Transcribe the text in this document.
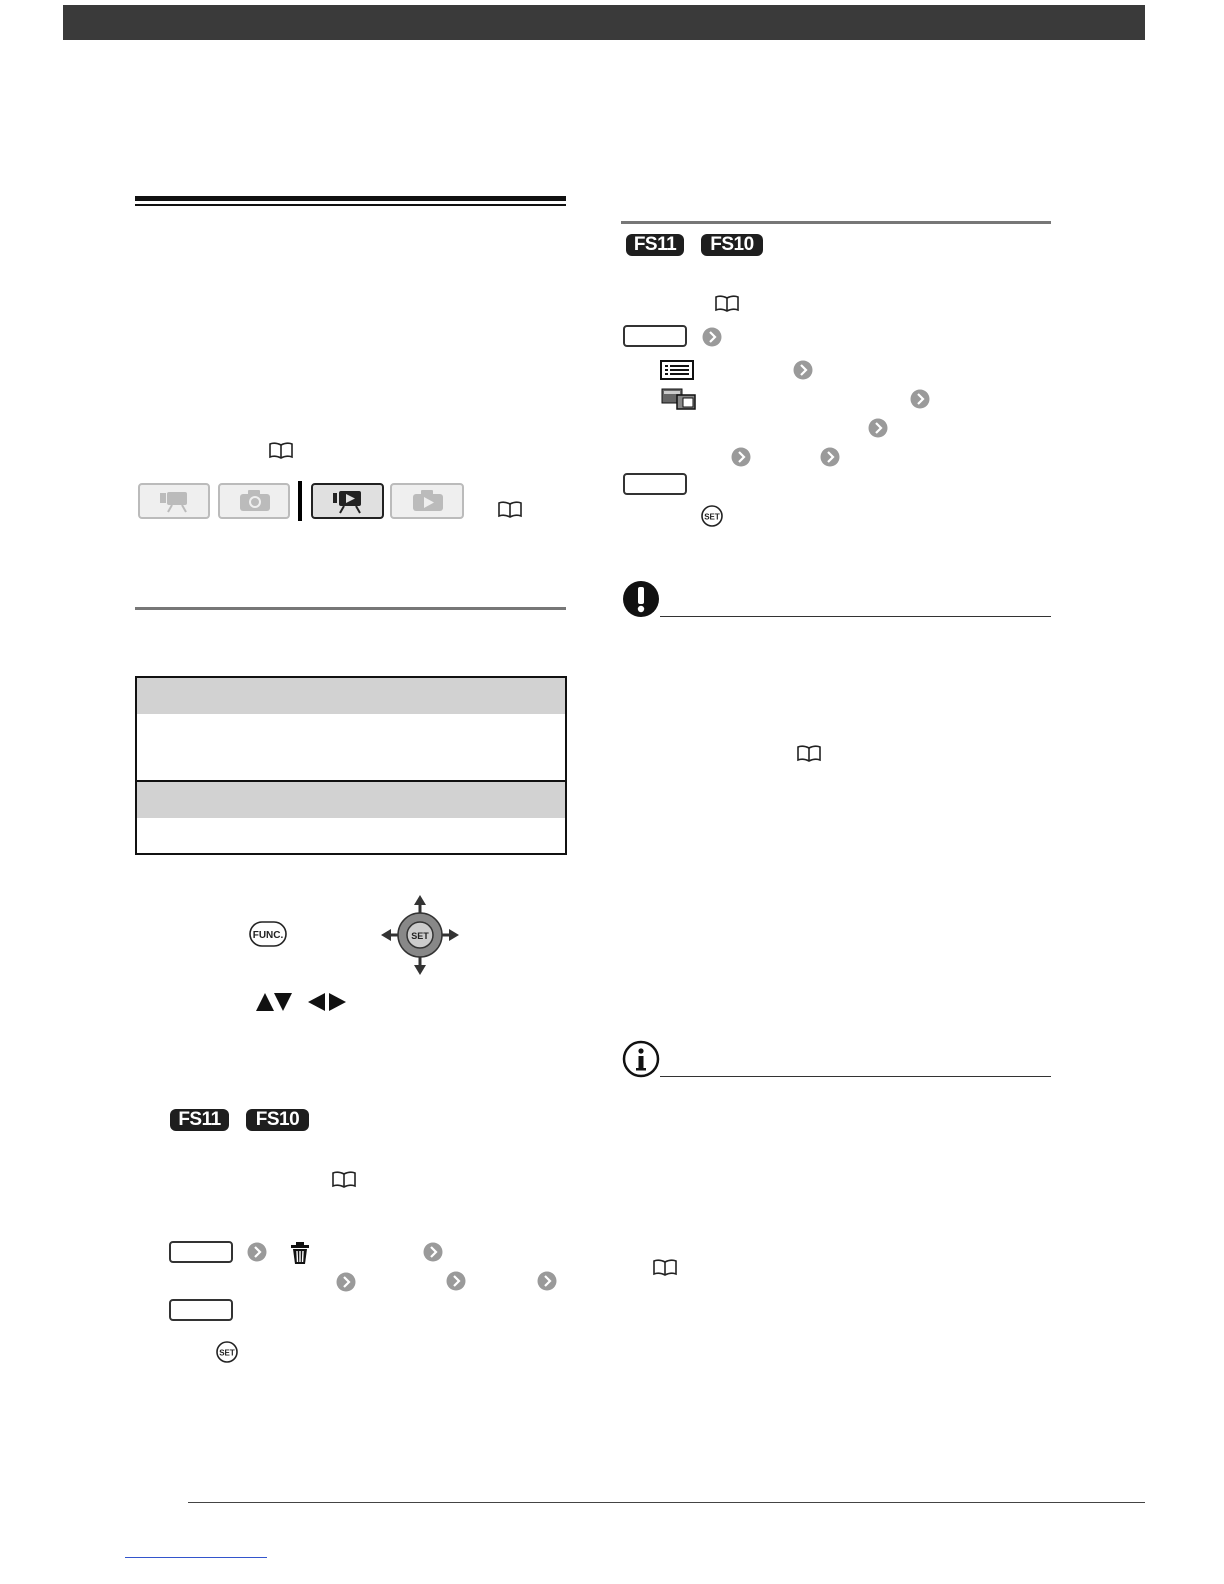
FS11	FS10
FUNC.	SET
FS11	FS10
SET
SET
